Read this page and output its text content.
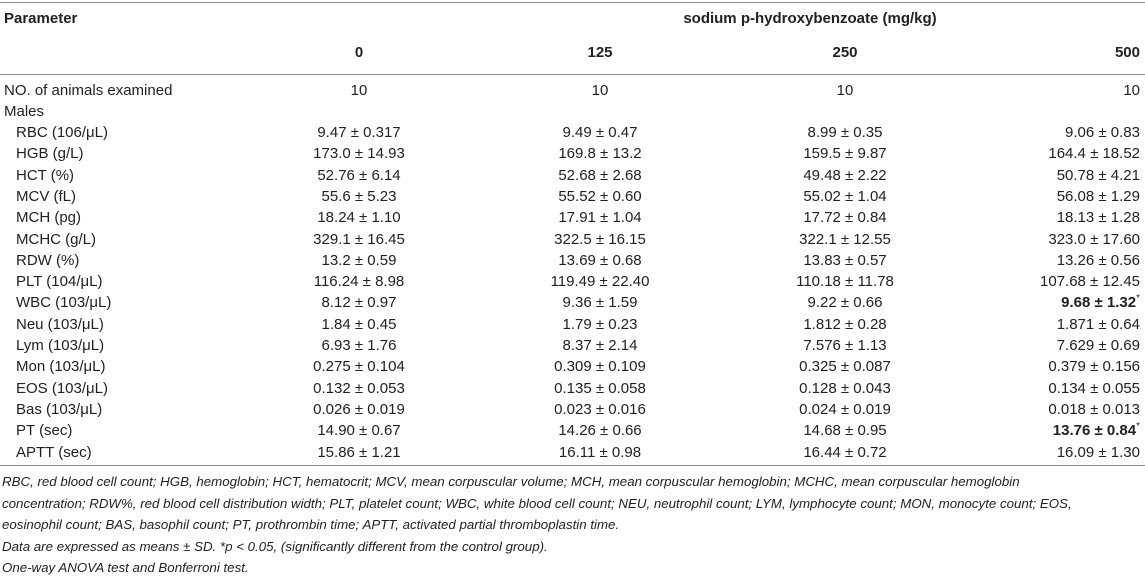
Parameter	sodium p-hydroxybenzoate (mg/kg)
0	125	250	500
NO. of animals examined	10	10	10	10
Males
RBC (106/μL)	9.47 ± 0.317	9.49 ± 0.47	8.99 ± 0.35	9.06 ± 0.83
HGB (g/L)	173.0 ± 14.93	169.8 ± 13.2	159.5 ± 9.87	164.4 ± 18.52
HCT (%)	52.76 ± 6.14	52.68 ± 2.68	49.48 ± 2.22	50.78 ± 4.21
MCV (fL)	55.6 ± 5.23	55.52 ± 0.60	55.02 ± 1.04	56.08 ± 1.29
MCH (pg)	18.24 ± 1.10	17.91 ± 1.04	17.72 ± 0.84	18.13 ± 1.28
MCHC (g/L)	329.1 ± 16.45	322.5 ± 16.15	322.1 ± 12.55	323.0 ± 17.60
RDW (%)	13.2 ± 0.59	13.69 ± 0.68	13.83 ± 0.57	13.26 ± 0.56
PLT (104/μL)	116.24 ± 8.98	119.49 ± 22.40	110.18 ± 11.78	107.68 ± 12.45
WBC (103/μL)	8.12 ± 0.97	9.36 ± 1.59	9.22 ± 0.66	9.68 ± 1.32*
Neu (103/μL)	1.84 ± 0.45	1.79 ± 0.23	1.812 ± 0.28	1.871 ± 0.64
Lym (103/μL)	6.93 ± 1.76	8.37 ± 2.14	7.576 ± 1.13	7.629 ± 0.69
Mon (103/μL)	0.275 ± 0.104	0.309 ± 0.109	0.325 ± 0.087	0.379 ± 0.156
EOS (103/μL)	0.132 ± 0.053	0.135 ± 0.058	0.128 ± 0.043	0.134 ± 0.055
Bas (103/μL)	0.026 ± 0.019	0.023 ± 0.016	0.024 ± 0.019	0.018 ± 0.013
PT (sec)	14.90 ± 0.67	14.26 ± 0.66	14.68 ± 0.95	13.76 ± 0.84*
APTT (sec)	15.86 ± 1.21	16.11 ± 0.98	16.44 ± 0.72	16.09 ± 1.30
RBC, red blood cell count; HGB, hemoglobin; HCT, hematocrit; MCV, mean corpuscular volume; MCH, mean corpuscular hemoglobin; MCHC, mean corpuscular hemoglobin
concentration; RDW%, red blood cell distribution width; PLT, platelet count; WBC, white blood cell count; NEU, neutrophil count; LYM, lymphocyte count; MON, monocyte count; EOS,
eosinophil count; BAS, basophil count; PT, prothrombin time; APTT, activated partial thromboplastin time.
Data are expressed as means ± SD. *p < 0.05, (significantly different from the control group).
One-way ANOVA test and Bonferroni test.
